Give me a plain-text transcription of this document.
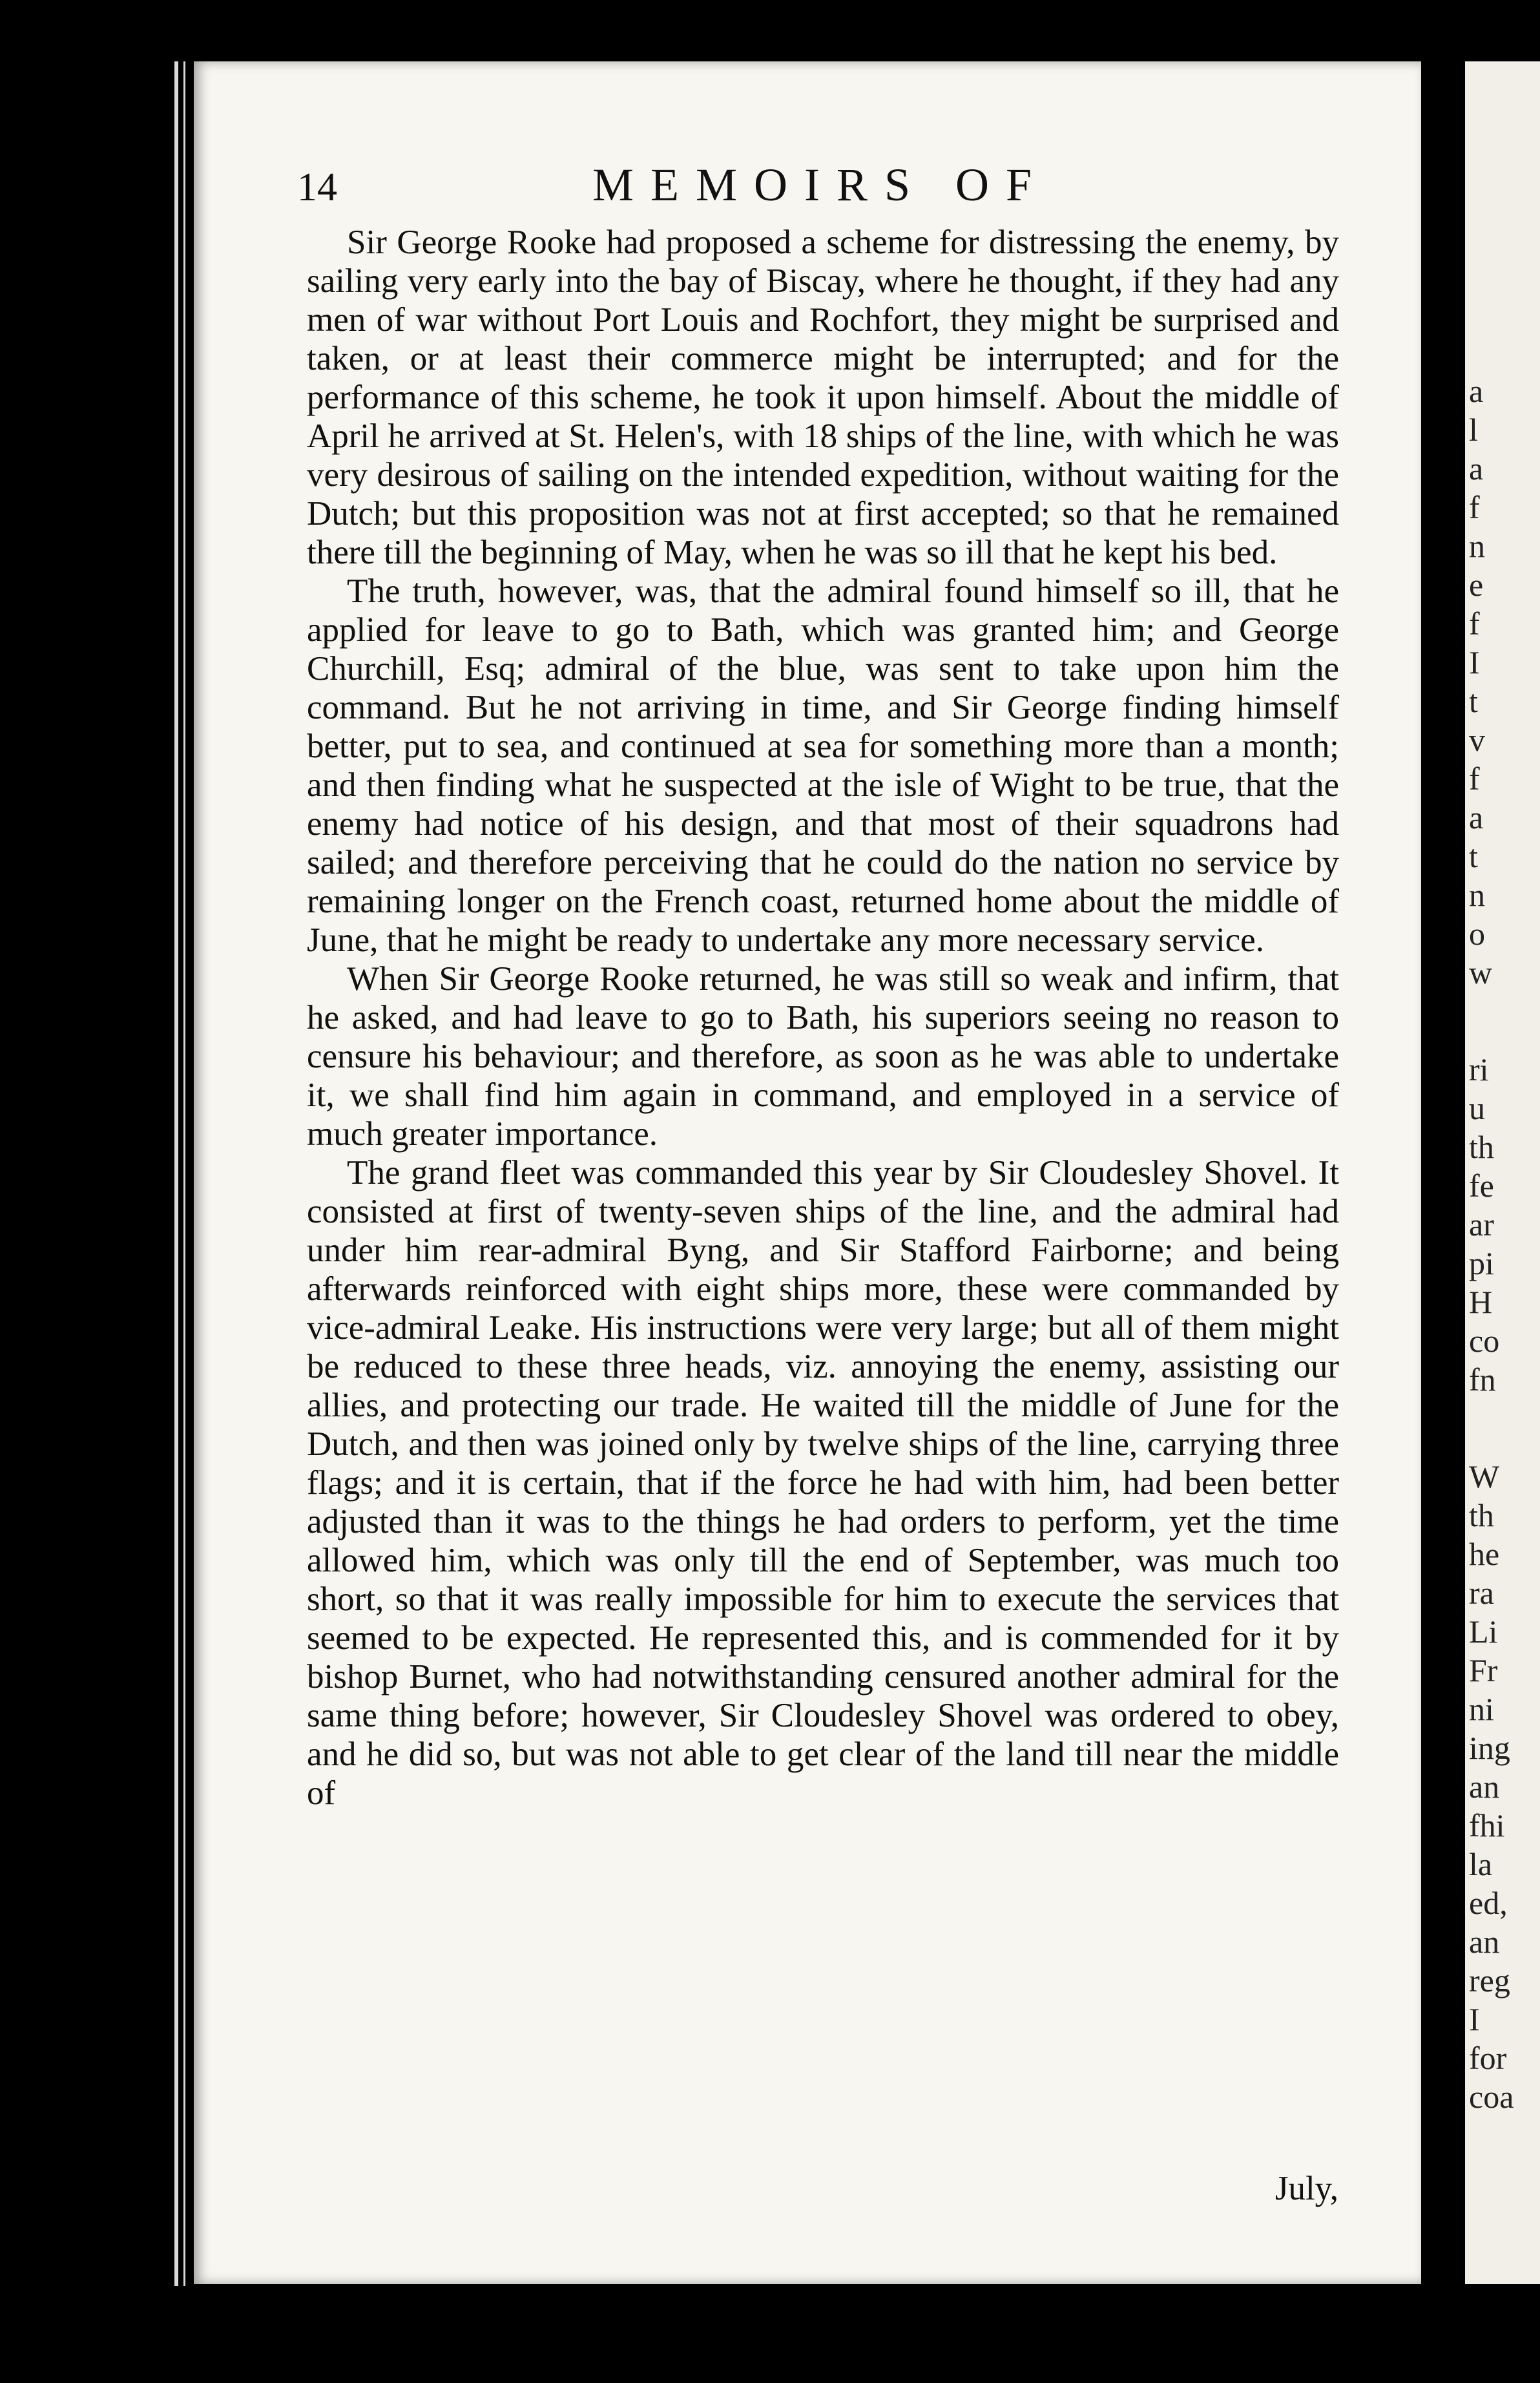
14	MEMOIRS OF

Sir George Rooke had proposed a scheme for distressing the enemy, by sailing very early into the bay of Biscay, where he thought, if they had any men of war without Port Louis and Rochfort, they might be surprised and taken, or at least their commerce might be interrupted; and for the performance of this scheme, he took it upon himself. About the middle of April he arrived at St. Helen's, with 18 ships of the line, with which he was very desirous of sailing on the intended expedition, without waiting for the Dutch; but this proposition was not at first accepted; so that he remained there till the beginning of May, when he was so ill that he kept his bed.

The truth, however, was, that the admiral found himself so ill, that he applied for leave to go to Bath, which was granted him; and George Churchill, Esq; admiral of the blue, was sent to take upon him the command. But he not arriving in time, and Sir George finding himself better, put to sea, and continued at sea for something more than a month; and then finding what he suspected at the isle of Wight to be true, that the enemy had notice of his design, and that most of their squadrons had sailed; and therefore perceiving that he could do the nation no service by remaining longer on the French coast, returned home about the middle of June, that he might be ready to undertake any more necessary service.

When Sir George Rooke returned, he was still so weak and infirm, that he asked, and had leave to go to Bath, his superiors seeing no reason to censure his behaviour; and therefore, as soon as he was able to undertake it, we shall find him again in command, and employed in a service of much greater importance.

The grand fleet was commanded this year by Sir Cloudesley Shovel. It consisted at first of twenty-seven ships of the line, and the admiral had under him rear-admiral Byng, and Sir Stafford Fairborne; and being afterwards reinforced with eight ships more, these were commanded by vice-admiral Leake. His instructions were very large; but all of them might be reduced to these three heads, viz. annoying the enemy, assisting our allies, and protecting our trade. He waited till the middle of June for the Dutch, and then was joined only by twelve ships of the line, carrying three flags; and it is certain, that if the force he had with him, had been better adjusted than it was to the things he had orders to perform, yet the time allowed him, which was only till the end of September, was much too short, so that it was really impossible for him to execute the services that seemed to be expected. He represented this, and is commended for it by bishop Burnet, who had notwithstanding censured another admiral for the same thing before; however, Sir Cloudesley Shovel was ordered to obey, and he did so, but was not able to get clear of the land till near the middle of

July,
a
l
a
f
n
e
f
I
t
v
f
a
t
n
o
w
ri
u
th
fe
ar
pi
H
co
fn
W
th
he
ra
Li
Fr
ni
ing
an
fhi
la
ed,
an
reg
I
for
coa
